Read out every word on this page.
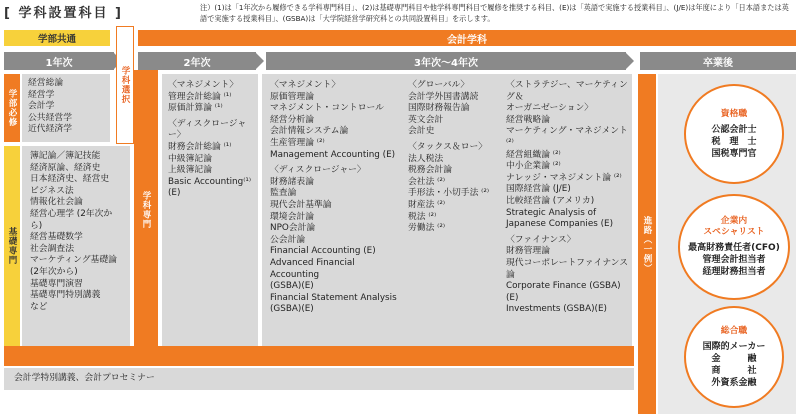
[ 学科設置科目 ]	注）(1)は「1年次から履修できる学科専門科目」、(2)は基礎専門科目や他学科専門科目で履修を推奨する科目、(E)は「英語で実施する授業科目」、(J/E)は年度により「日本語または英語で実施する授業科目」、(GSBA)は「大学院経営学研究科との共同設置科目」を示します。
学部共通	会計学科
1年次	2年次	3年次〜4年次	卒業後
学部必修
経営総論
経営学
会計学
公共経営学
近代経済学
基礎専門
簿記論／簿記技能
経済原論、経済史
日本経済史、経営史
ビジネス法
情報化社会論
経営心理学 (2年次から)
経営基礎数学
社会調査法
マーケティング基礎論
(2年次から)
基礎専門演習
基礎専門特別講義
など
学科選択
学科専門
〈マネジメント〉
管理会計総論 ⁽¹⁾
原価計算論 ⁽¹⁾
〈ディスクロージャー〉
財務会計総論 ⁽¹⁾
中級簿記論
上級簿記論
Basic Accounting⁽¹⁾(E)
〈マネジメント〉
原価管理論
マネジメント・コントロール
経営分析論
会計情報システム論
生産管理論 ⁽²⁾
Management Accounting (E)
〈ディスクロージャー〉
財務諸表論
監査論
現代会計基準論
環境会計論
NPO会計論
公会計論
Financial Accounting (E)
Advanced Financial Accounting
(GSBA)(E)
Financial Statement Analysis
(GSBA)(E)
〈グローバル〉
会計学外国書講読
国際財務報告論
英文会計
会計史
〈タックス＆ロー〉
法人税法
税務会計論
会社法 ⁽²⁾
手形法・小切手法 ⁽²⁾
財産法 ⁽²⁾
税法 ⁽²⁾
労働法 ⁽²⁾
〈ストラテジー、マーケティング＆
オーガニゼーション〉
経営戦略論
マーケティング・マネジメント ⁽²⁾
経営組織論 ⁽²⁾
中小企業論 ⁽²⁾
ナレッジ・マネジメント論 ⁽²⁾
国際経営論 (J/E)
比較経営論 (アメリカ)
Strategic Analysis of
Japanese Companies (E)
〈ファイナンス〉
財務管理論
現代コーポレートファイナンス論
Corporate Finance (GSBA)(E)
Investments (GSBA)(E)
会計学特別講義、会計プロセミナー
進路（一例）
資格職
公認会計士
税　理　士
国税専門官
企業内
スペシャリスト
最高財務責任者(CFO)
管理会計担当者
経理財務担当者
総合職
国際的メーカー
金　　　融
商　　　社
外資系金融
